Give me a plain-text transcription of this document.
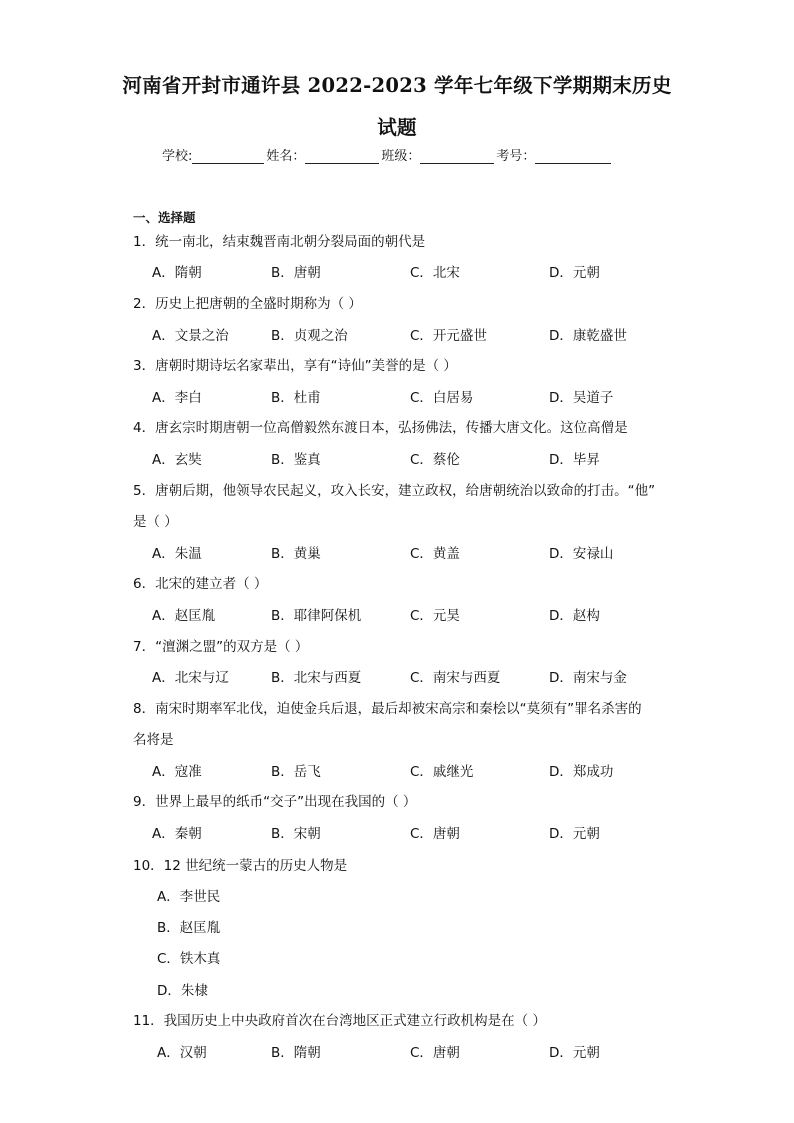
河南省开封市通许县 2022-2023 学年七年级下学期期末历史
试题
学校:	姓名：	班级：	考号：
一、选择题
1．统一南北，结束魏晋南北朝分裂局面的朝代是
A．隋朝	B．唐朝	C．北宋	D．元朝
2．历史上把唐朝的全盛时期称为（ ）
A．文景之治	B．贞观之治	C．开元盛世	D．康乾盛世
3．唐朝时期诗坛名家辈出，享有“诗仙”美誉的是（ ）
A．李白	B．杜甫	C．白居易	D．吴道子
4．唐玄宗时期唐朝一位高僧毅然东渡日本，弘扬佛法，传播大唐文化。这位高僧是
A．玄奘	B．鉴真	C．蔡伦	D．毕昇
5．唐朝后期，他领导农民起义，攻入长安，建立政权，给唐朝统治以致命的打击。“他”
是（ ）
A．朱温	B．黄巢	C．黄盖	D．安禄山
6．北宋的建立者（ ）
A．赵匡胤	B．耶律阿保机	C．元昊	D．赵构
7．“澶渊之盟”的双方是（ ）
A．北宋与辽	B．北宋与西夏	C．南宋与西夏	D．南宋与金
8．南宋时期率军北伐，迫使金兵后退，最后却被宋高宗和秦桧以“莫须有”罪名杀害的
名将是
A．寇准	B．岳飞	C．戚继光	D．郑成功
9．世界上最早的纸币“交子”出现在我国的（ ）
A．秦朝	B．宋朝	C．唐朝	D．元朝
10．12 世纪统一蒙古的历史人物是
A．李世民
B．赵匡胤
C．铁木真
D．朱棣
11．我国历史上中央政府首次在台湾地区正式建立行政机构是在（ ）
A．汉朝	B．隋朝	C．唐朝	D．元朝
